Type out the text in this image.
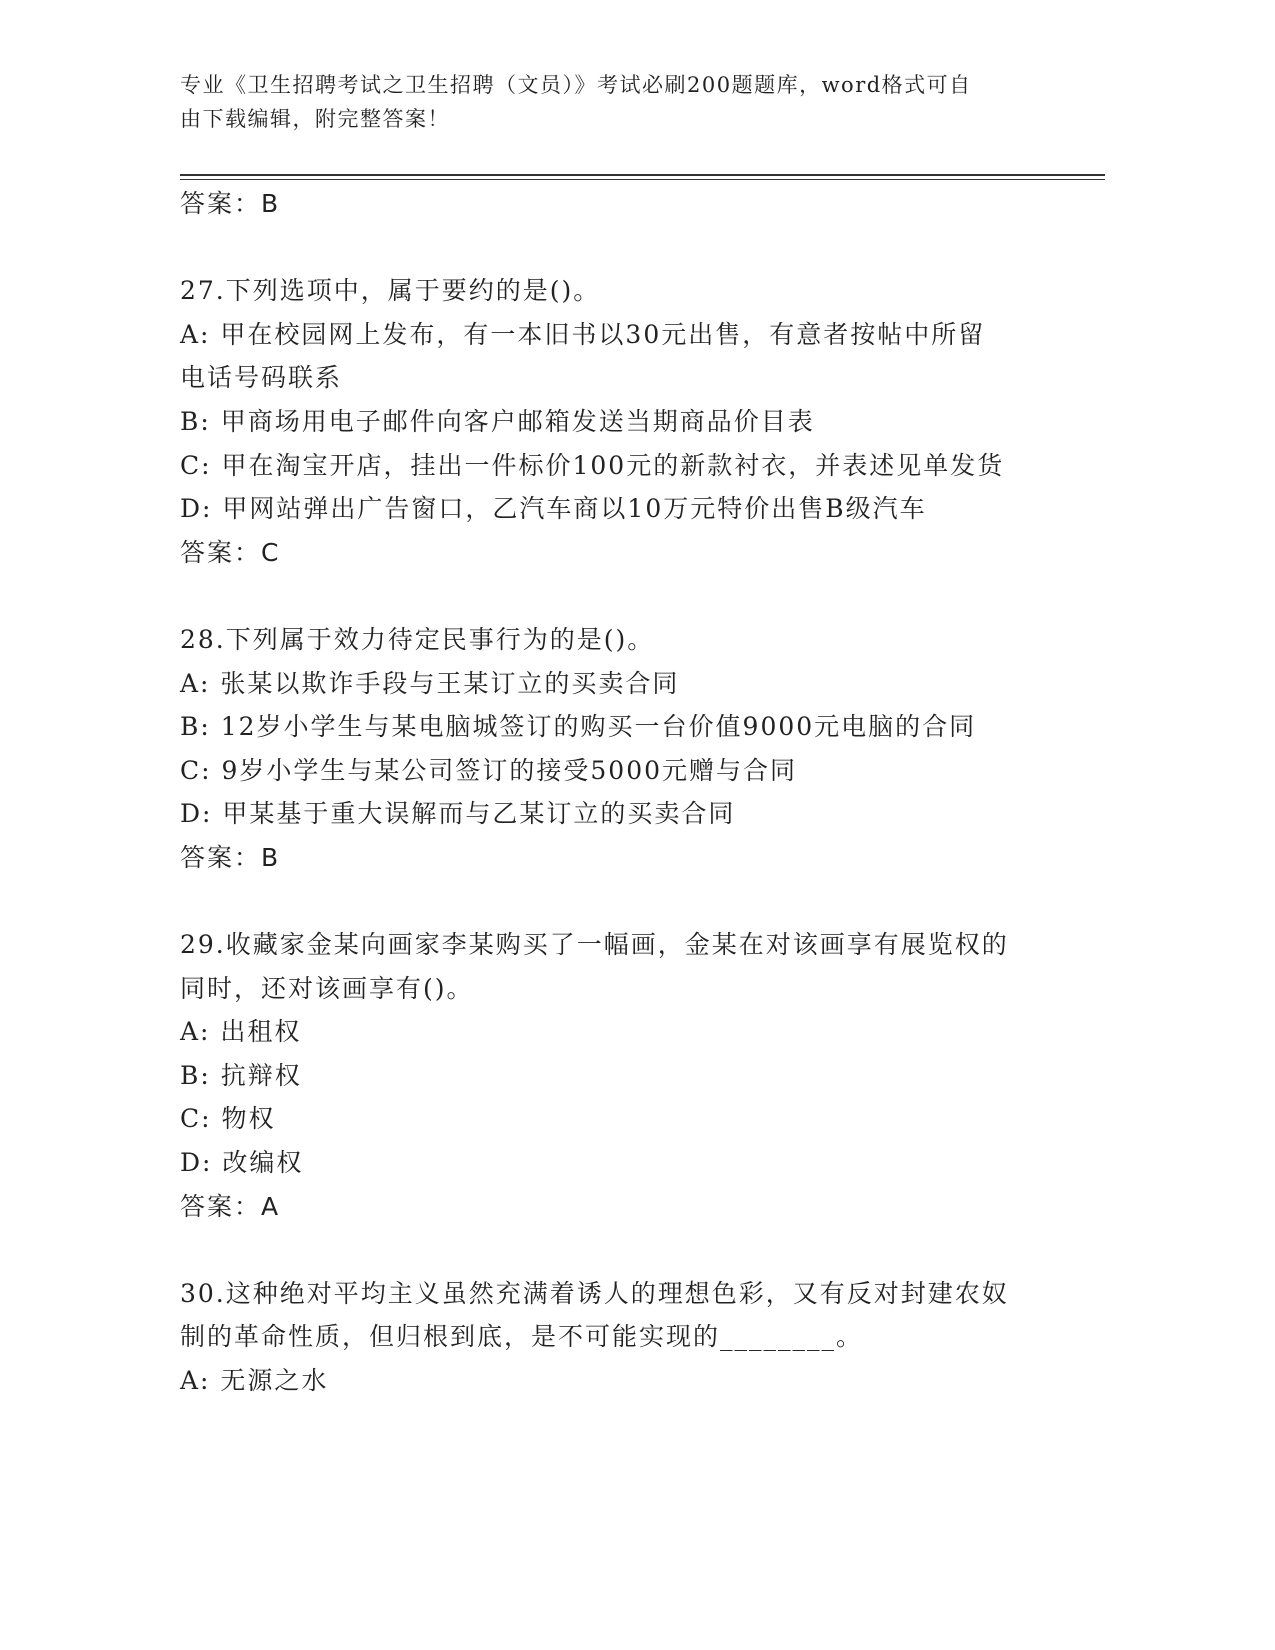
专业《卫生招聘考试之卫生招聘（文员）》考试必刷200题题库，word格式可自
由下载编辑，附完整答案！
答案：B
27.下列选项中，属于要约的是()。
A: 甲在校园网上发布，有一本旧书以30元出售，有意者按帖中所留
电话号码联系
B: 甲商场用电子邮件向客户邮箱发送当期商品价目表
C: 甲在淘宝开店，挂出一件标价100元的新款衬衣，并表述见单发货
D: 甲网站弹出广告窗口，乙汽车商以10万元特价出售B级汽车
答案：C
28.下列属于效力待定民事行为的是()。
A: 张某以欺诈手段与王某订立的买卖合同
B: 12岁小学生与某电脑城签订的购买一台价值9000元电脑的合同
C: 9岁小学生与某公司签订的接受5000元赠与合同
D: 甲某基于重大误解而与乙某订立的买卖合同
答案：B
29.收藏家金某向画家李某购买了一幅画，金某在对该画享有展览权的
同时，还对该画享有()。
A: 出租权
B: 抗辩权
C: 物权
D: 改编权
答案：A
30.这种绝对平均主义虽然充满着诱人的理想色彩，又有反对封建农奴
制的革命性质，但归根到底，是不可能实现的________。
A: 无源之水
